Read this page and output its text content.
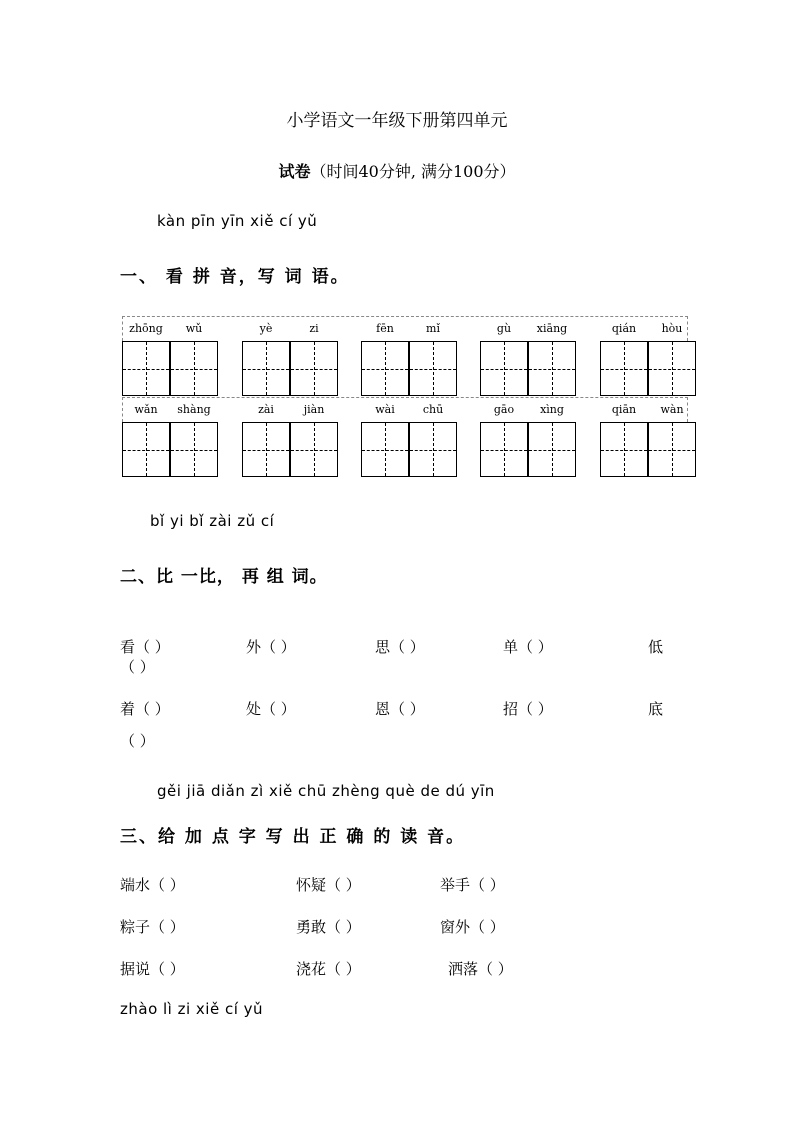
小学语文一年级下册第四单元
试卷（时间40分钟, 满分100分）
kàn pīn yīn xiě cí yǔ
一、 看 拼 音，写 词 语。
zhōng	wǔ	yè	zi	fēn	mǐ	gù	xiāng	qián	hòu
wǎn	shàng	zài	jiàn	wài	chū	gāo	xìng	qiān	wàn
bǐ yi bǐ zài zǔ cí
二、比 一比， 再 组 词。
看（ ）	外（ ）	思（ ）	单（ ）	低
（ ）
着（ ）	处（ ）	恩（ ）	招（ ）	底
（ ）
gěi jiā diǎn zì xiě chū zhèng què de dú yīn
三、给 加 点 字 写 出 正 确 的 读 音。
端水（ ）	怀疑（ ）	举手（ ）
粽子（ ）	勇敢（ ）	窗外（ ）
据说（ ）	浇花（ ）	洒落（ ）
zhào lì zi xiě cí yǔ
